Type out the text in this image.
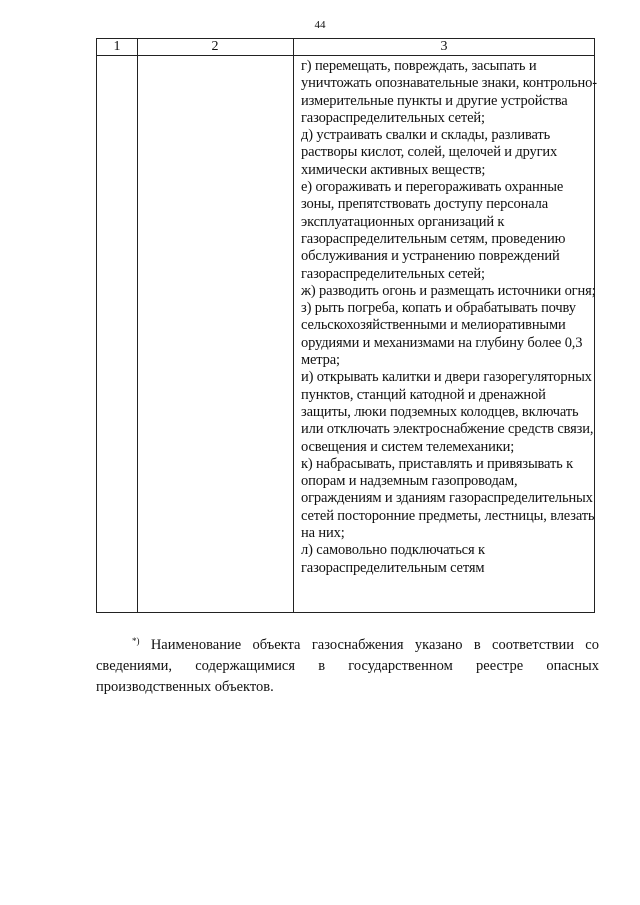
44
1	2	3
г) перемещать, повреждать, засыпать и уничтожать опознавательные знаки, контрольно-измерительные пункты и другие устройства газораспределительных сетей;
д) устраивать свалки и склады, разливать растворы кислот, солей, щелочей и других химически активных веществ;
е) огораживать и перегораживать охранные зоны, препятствовать доступу персонала эксплуатационных организаций к газораспределительным сетям, проведению обслуживания и устранению повреждений газораспределительных сетей;
ж) разводить огонь и размещать источники огня;
з) рыть погреба, копать и обрабатывать почву сельскохозяйственными и мелиоративными орудиями и механизмами на глубину более 0,3 метра;
и) открывать калитки и двери газорегуляторных пунктов, станций катодной и дренажной защиты, люки подземных колодцев, включать или отключать электроснабжение средств связи, освещения и систем телемеханики;
к) набрасывать, приставлять и привязывать к опорам и надземным газопроводам, ограждениям и зданиям газораспределительных сетей посторонние предметы, лестницы, влезать на них;
л) самовольно подключаться к газораспределительным сетям

*) Наименование объекта газоснабжения указано в соответствии со сведениями, содержащимися в государственном реестре опасных производственных объектов.
